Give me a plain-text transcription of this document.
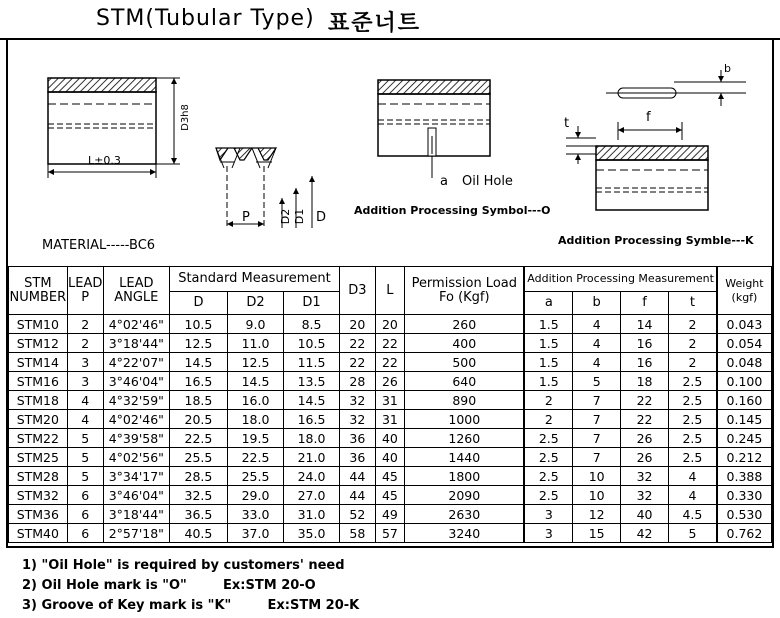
STM(Tubular Type) 표준너트
D3h8
L±0.3
P	D2 D1 D
a Oil Hole
Addition Processing Symbol---O
b
f
t
Addition Processing Symble---K
MATERIAL-----BC6
STM NUMBER	LEAD P	LEAD ANGLE	Standard Measurement			D3	L	Permission Load Fo (Kgf)	Addition Processing Measurement				Weight (kgf)
			D	D2	D1				a	b	f	t	
STM10	2	4°02'46"	10.5	9.0	8.5	20	20	260	1.5	4	14	2	0.043
STM12	2	3°18'44"	12.5	11.0	10.5	22	22	400	1.5	4	16	2	0.054
STM14	3	4°22'07"	14.5	12.5	11.5	22	22	500	1.5	4	16	2	0.048
STM16	3	3°46'04"	16.5	14.5	13.5	28	26	640	1.5	5	18	2.5	0.100
STM18	4	4°32'59"	18.5	16.0	14.5	32	31	890	2	7	22	2.5	0.160
STM20	4	4°02'46"	20.5	18.0	16.5	32	31	1000	2	7	22	2.5	0.145
STM22	5	4°39'58"	22.5	19.5	18.0	36	40	1260	2.5	7	26	2.5	0.245
STM25	5	4°02'56"	25.5	22.5	21.0	36	40	1440	2.5	7	26	2.5	0.212
STM28	5	3°34'17"	28.5	25.5	24.0	44	45	1800	2.5	10	32	4	0.388
STM32	6	3°46'04"	32.5	29.0	27.0	44	45	2090	2.5	10	32	4	0.330
STM36	6	3°18'44"	36.5	33.0	31.0	52	49	2630	3	12	40	4.5	0.530
STM40	6	2°57'18"	40.5	37.0	35.0	58	57	3240	3	15	42	5	0.762
1) "Oil Hole" is required by customers' need
2) Oil Hole mark is "O"        Ex:STM 20-O
3) Groove of Key mark is "K"        Ex:STM 20-K
